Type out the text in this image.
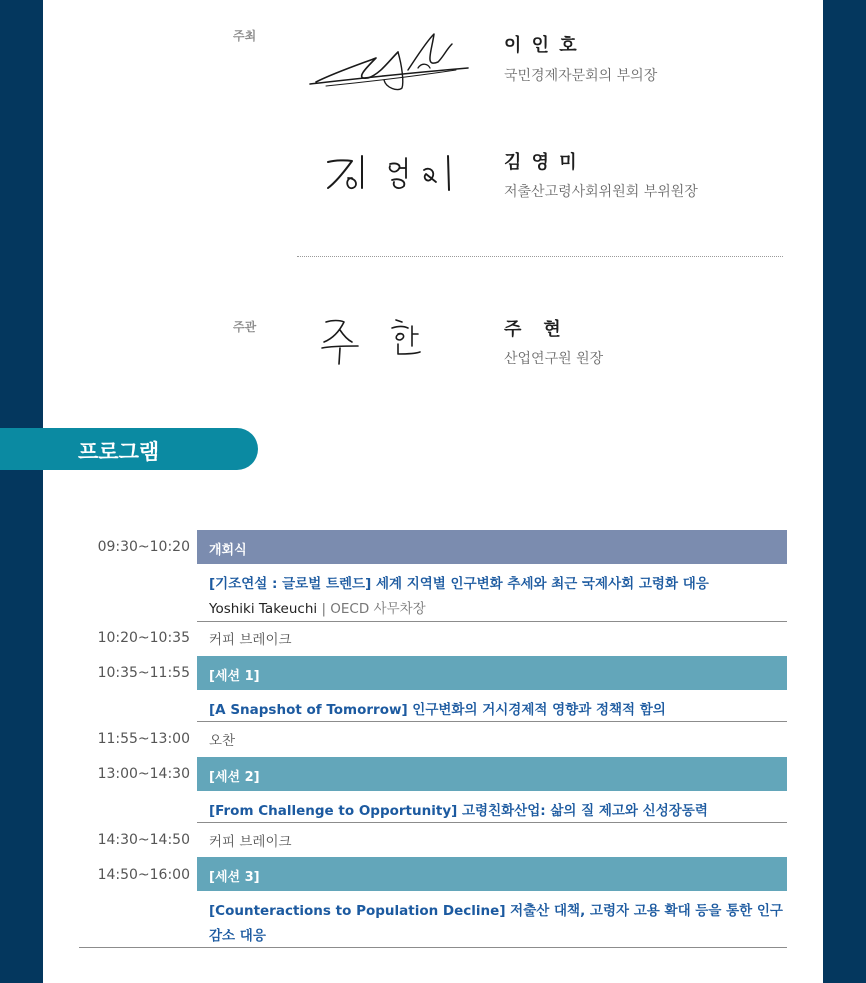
주최	이 인 호
국민경제자문회의 부의장
김 영 미
저출산고령사회위원회 부위원장
주관	주　현
산업연구원 원장
프로그램
09:30~10:20 개회식
[기조연설 : 글로벌 트렌드] 세계 지역별 인구변화 추세와 최근 국제사회 고령화 대응
Yoshiki Takeuchi | OECD 사무차장
10:20~10:35 커피 브레이크
10:35~11:55 [세션 1]
[A Snapshot of Tomorrow] 인구변화의 거시경제적 영향과 정책적 함의
11:55~13:00 오찬
13:00~14:30 [세션 2]
[From Challenge to Opportunity] 고령친화산업: 삶의 질 제고와 신성장동력
14:30~14:50 커피 브레이크
14:50~16:00 [세션 3]
[Counteractions to Population Decline] 저출산 대책, 고령자 고용 확대 등을 통한 인구
감소 대응
